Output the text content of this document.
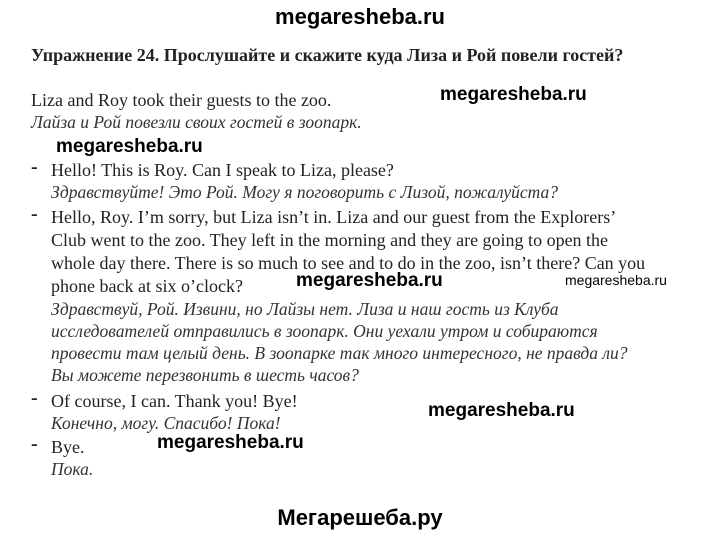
megaresheba.ru
Упражнение 24. Прослушайте и скажите куда Лиза и Рой повели гостей?
Liza and Roy took their guests to the zoo.
Лайза и Рой повезли своих гостей в зоопарк.
- Hello! This is Roy. Can I speak to Liza, please?
Здравствуйте! Это Рой. Могу я поговорить с Лизой, пожалуйста?
- Hello, Roy. I’m sorry, but Liza isn’t in. Liza and our guest from the Explorers’
Club went to the zoo. They left in the morning and they are going to open the
whole day there. There is so much to see and to do in the zoo, isn’t there? Can you
phone back at six o’clock?
Здравствуй, Рой. Извини, но Лайзы нет. Лиза и наш гость из Клуба
исследователей отправились в зоопарк. Они уехали утром и собираются
провести там целый день. В зоопарке так много интересного, не правда ли?
Вы можете перезвонить в шесть часов?
- Of course, I can. Thank you! Bye!
Конечно, могу. Спасибо! Пока!
- Bye.
Пока.
megaresheba.ru
megaresheba.ru
megaresheba.ru	megaresheba.ru
megaresheba.ru
megaresheba.ru
Мегарешеба.ру
